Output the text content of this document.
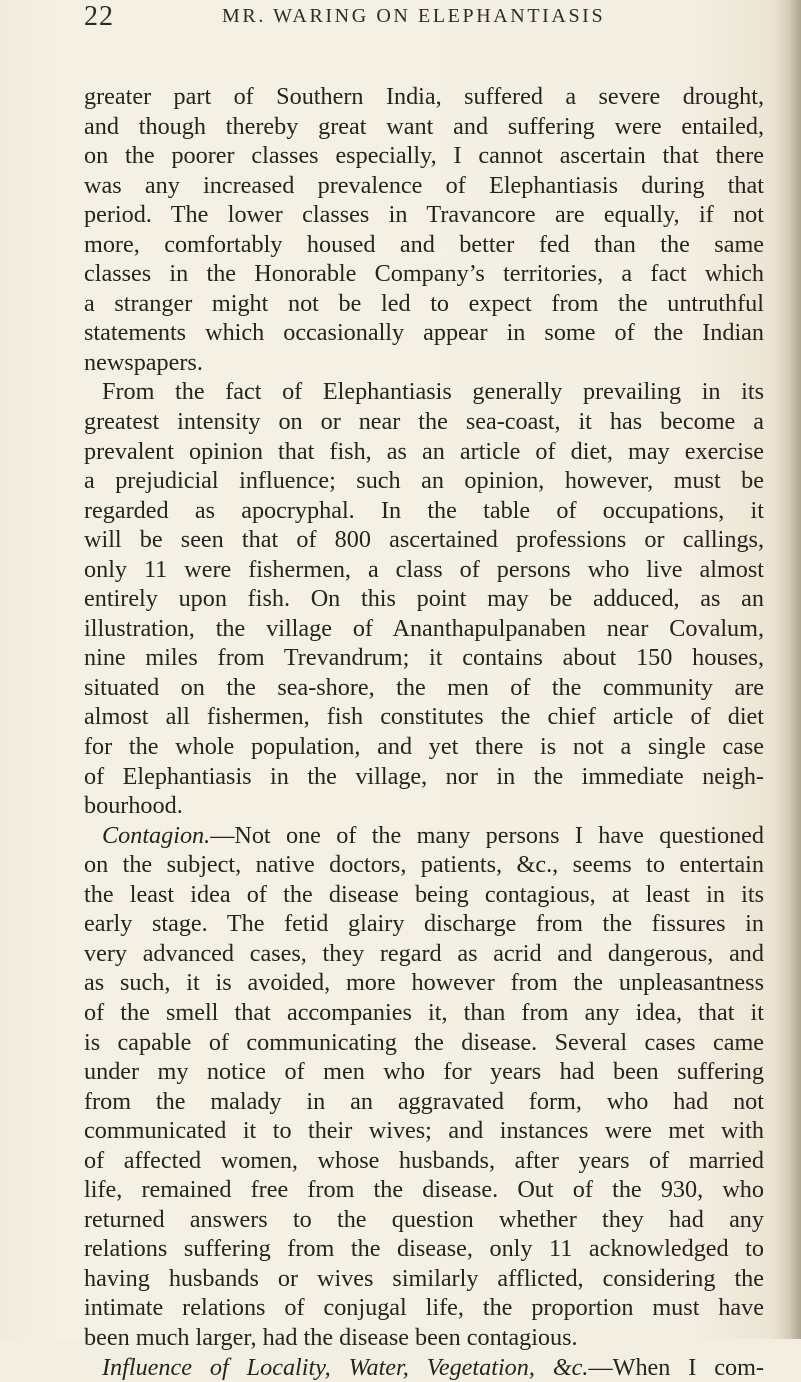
22	MR. WARING ON ELEPHANTIASIS
greater part of Southern India, suffered a severe drought,
and though thereby great want and suffering were entailed,
on the poorer classes especially, I cannot ascertain that there
was any increased prevalence of Elephantiasis during that
period. The lower classes in Travancore are equally, if not
more, comfortably housed and better fed than the same
classes in the Honorable Company’s territories, a fact which
a stranger might not be led to expect from the untruthful
statements which occasionally appear in some of the Indian
newspapers.
From the fact of Elephantiasis generally prevailing in its
greatest intensity on or near the sea-coast, it has become a
prevalent opinion that fish, as an article of diet, may exercise
a prejudicial influence; such an opinion, however, must be
regarded as apocryphal. In the table of occupations, it
will be seen that of 800 ascertained professions or callings,
only 11 were fishermen, a class of persons who live almost
entirely upon fish. On this point may be adduced, as an
illustration, the village of Ananthapulpanaben near Covalum,
nine miles from Trevandrum; it contains about 150 houses,
situated on the sea-shore, the men of the community are
almost all fishermen, fish constitutes the chief article of diet
for the whole population, and yet there is not a single case
of Elephantiasis in the village, nor in the immediate neigh-
bourhood.
Contagion.—Not one of the many persons I have questioned
on the subject, native doctors, patients, &c., seems to entertain
the least idea of the disease being contagious, at least in its
early stage. The fetid glairy discharge from the fissures in
very advanced cases, they regard as acrid and dangerous, and
as such, it is avoided, more however from the unpleasantness
of the smell that accompanies it, than from any idea, that it
is capable of communicating the disease. Several cases came
under my notice of men who for years had been suffering
from the malady in an aggravated form, who had not
communicated it to their wives; and instances were met with
of affected women, whose husbands, after years of married
life, remained free from the disease. Out of the 930, who
returned answers to the question whether they had any
relations suffering from the disease, only 11 acknowledged to
having husbands or wives similarly afflicted, considering the
intimate relations of conjugal life, the proportion must have
been much larger, had the disease been contagious.
Influence of Locality, Water, Vegetation, &c.—When I com-
